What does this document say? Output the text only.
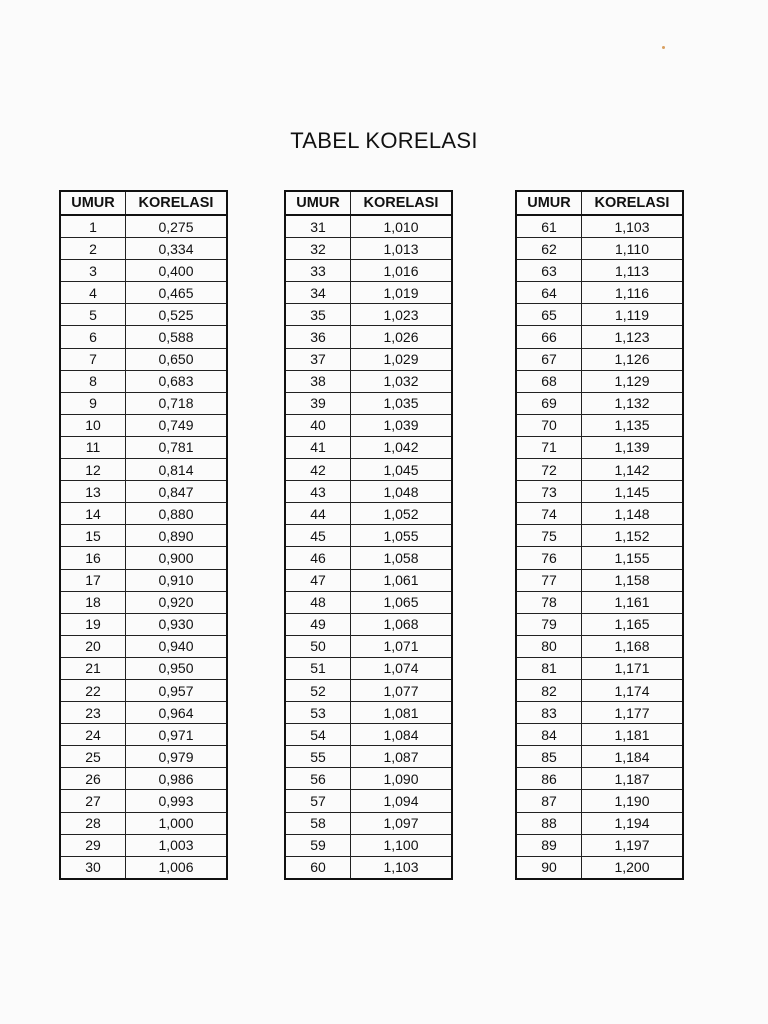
TABEL KORELASI
UMUR	KORELASI
1	0,275
2	0,334
3	0,400
4	0,465
5	0,525
6	0,588
7	0,650
8	0,683
9	0,718
10	0,749
11	0,781
12	0,814
13	0,847
14	0,880
15	0,890
16	0,900
17	0,910
18	0,920
19	0,930
20	0,940
21	0,950
22	0,957
23	0,964
24	0,971
25	0,979
26	0,986
27	0,993
28	1,000
29	1,003
30	1,006
UMUR	KORELASI
31	1,010
32	1,013
33	1,016
34	1,019
35	1,023
36	1,026
37	1,029
38	1,032
39	1,035
40	1,039
41	1,042
42	1,045
43	1,048
44	1,052
45	1,055
46	1,058
47	1,061
48	1,065
49	1,068
50	1,071
51	1,074
52	1,077
53	1,081
54	1,084
55	1,087
56	1,090
57	1,094
58	1,097
59	1,100
60	1,103
UMUR	KORELASI
61	1,103
62	1,110
63	1,113
64	1,116
65	1,119
66	1,123
67	1,126
68	1,129
69	1,132
70	1,135
71	1,139
72	1,142
73	1,145
74	1,148
75	1,152
76	1,155
77	1,158
78	1,161
79	1,165
80	1,168
81	1,171
82	1,174
83	1,177
84	1,181
85	1,184
86	1,187
87	1,190
88	1,194
89	1,197
90	1,200
